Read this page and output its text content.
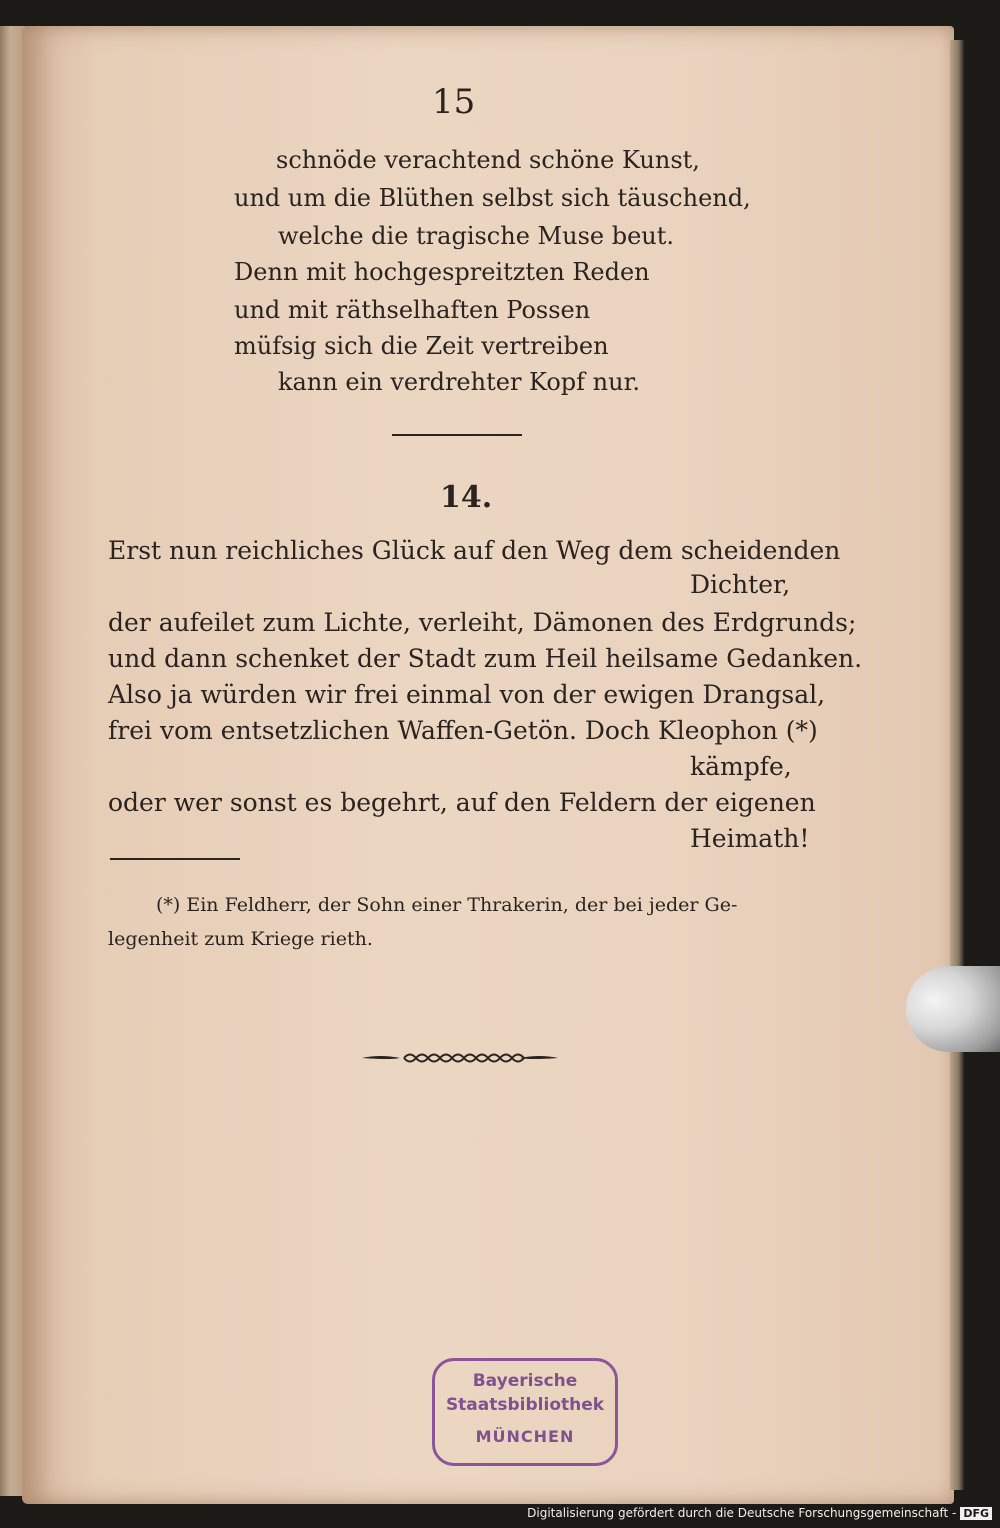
15
schnöde verachtend schöne Kunst,
und um die Blüthen selbst sich täuschend,
welche die tragische Muse beut.
Denn mit hochgespreitzten Reden
und mit räthselhaften Possen
müfsig sich die Zeit vertreiben
kann ein verdrehter Kopf nur.
14.
Erst nun reichliches Glück auf den Weg dem scheidenden
Dichter,
der aufeilet zum Lichte, verleiht, Dämonen des Erdgrunds;
und dann schenket der Stadt zum Heil heilsame Gedanken.
Also ja würden wir frei einmal von der ewigen Drangsal,
frei vom entsetzlichen Waffen-Getön. Doch Kleophon (*)
kämpfe,
oder wer sonst es begehrt, auf den Feldern der eigenen
Heimath!
(*) Ein Feldherr, der Sohn einer Thrakerin, der bei jeder Ge-
legenheit zum Kriege rieth.
Bayerische
Staatsbibliothek
MÜNCHEN
Digitalisierung gefördert durch die Deutsche Forschungsgemeinschaft - DFG
